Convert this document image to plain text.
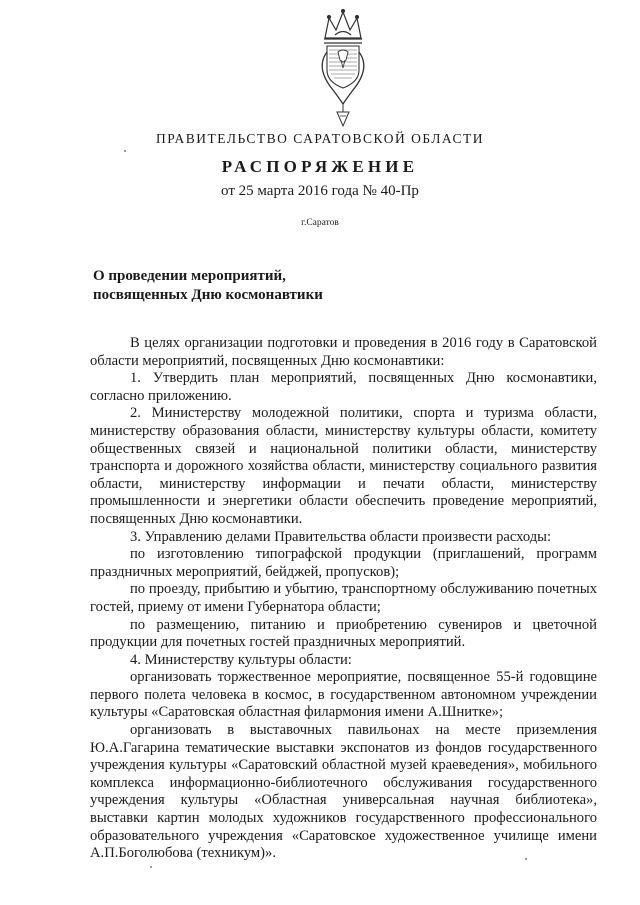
ПРАВИТЕЛЬСТВО САРАТОВСКОЙ ОБЛАСТИ
РАСПОРЯЖЕНИЕ
от 25 марта 2016 года № 40-Пр
г.Саратов
О проведении мероприятий,
посвященных Дню космонавтики

В целях организации подготовки и проведения в 2016 году в Саратовской области мероприятий, посвященных Дню космонавтики:

1. Утвердить план мероприятий, посвященных Дню космонавтики, согласно приложению.

2. Министерству молодежной политики, спорта и туризма области, министерству образования области, министерству культуры области, комитету общественных связей и национальной политики области, министерству транспорта и дорожного хозяйства области, министерству социального развития области, министерству информации и печати области, министерству промышленности и энергетики области обеспечить проведение мероприятий, посвященных Дню космонавтики.

3. Управлению делами Правительства области произвести расходы:

по изготовлению типографской продукции (приглашений, программ праздничных мероприятий, бейджей, пропусков);

по проезду, прибытию и убытию, транспортному обслуживанию почетных гостей, приему от имени Губернатора области;

по размещению, питанию и приобретению сувениров и цветочной продукции для почетных гостей праздничных мероприятий.

4. Министерству культуры области:

организовать торжественное мероприятие, посвященное 55-й годовщине первого полета человека в космос, в государственном автономном учреждении культуры «Саратовская областная филармония имени А.Шнитке»;

организовать в выставочных павильонах на месте приземления Ю.А.Гагарина тематические выставки экспонатов из фондов государственного учреждения культуры «Саратовский областной музей краеведения», мобильного комплекса информационно-библиотечного обслуживания государственного учреждения культуры «Областная универсальная научная библиотека», выставки картин молодых художников государственного профессионального образовательного учреждения «Саратовское художественное училище имени А.П.Боголюбова (техникум)».
